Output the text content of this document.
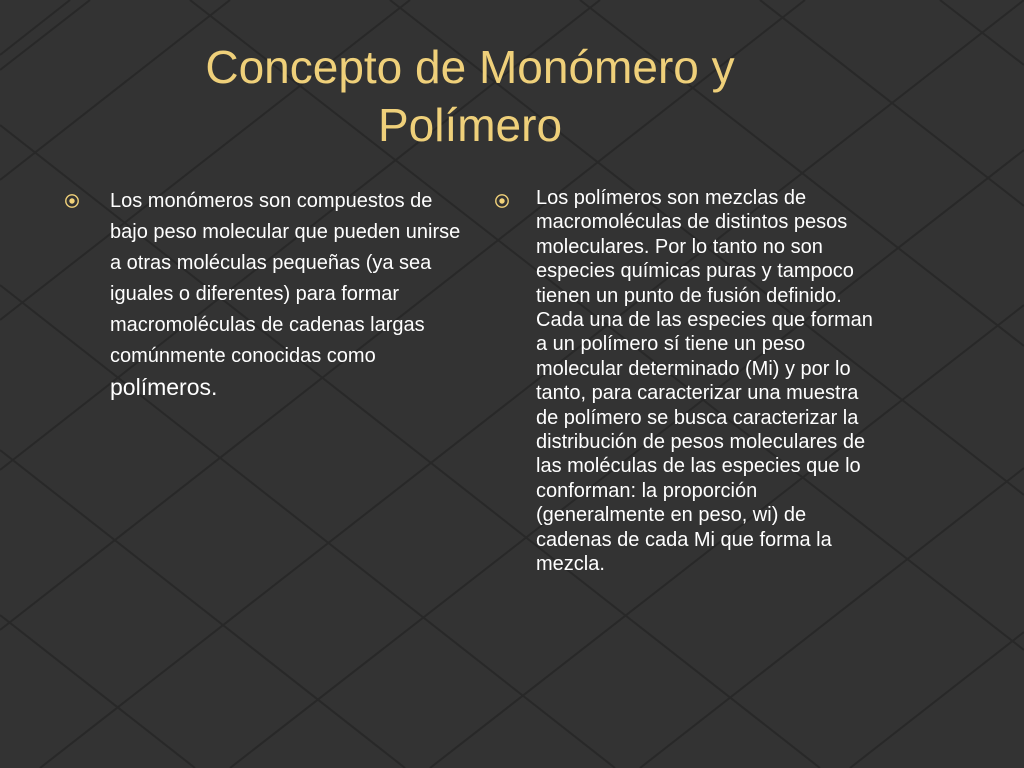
Concepto de Monómero y
Polímero
Los monómeros son compuestos de bajo peso molecular que pueden unirse a otras moléculas pequeñas (ya sea iguales o diferentes) para formar macromoléculas de cadenas largas comúnmente conocidas como polímeros.
Los polímeros son mezclas de macromoléculas de distintos pesos moleculares. Por lo tanto no son especies químicas puras y tampoco tienen un punto de fusión definido. Cada una de las especies que forman a un polímero sí tiene un peso molecular determinado (Mi) y por lo tanto, para caracterizar una muestra de polímero se busca caracterizar la distribución de pesos moleculares de las moléculas de las especies que lo conforman: la proporción (generalmente en peso, wi) de cadenas de cada Mi que forma la mezcla.
